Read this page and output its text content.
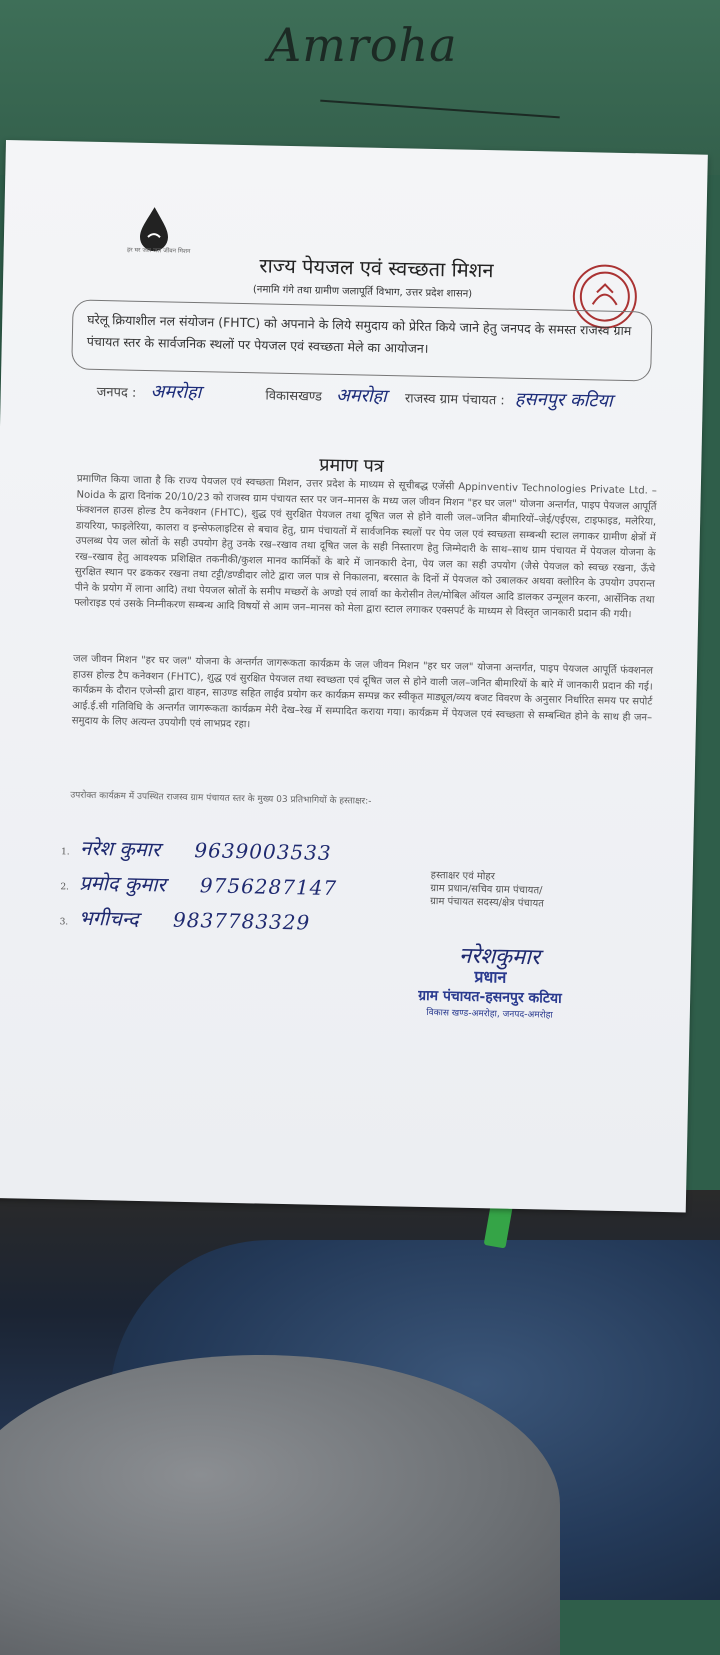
Amroha
हर घर जल जल जीवन मिशन
राज्य पेयजल एवं स्वच्छता मिशन
(नमामि गंगे तथा ग्रामीण जलापूर्ति विभाग, उत्तर प्रदेश शासन)
घरेलू क्रियाशील नल संयोजन (FHTC) को अपनाने के लिये समुदाय को प्रेरित किये जाने हेतु जनपद के समस्त राजस्व ग्राम पंचायत स्तर के सार्वजनिक स्थलों पर पेयजल एवं स्वच्छता मेले का आयोजन।
जनपद : अमरोहा	विकासखण्ड अमरोहा राजस्व ग्राम पंचायत : हसनपुर कटिया
प्रमाण पत्र
प्रमाणित किया जाता है कि राज्य पेयजल एवं स्वच्छता मिशन, उत्तर प्रदेश के माध्यम से सूचीबद्ध एजेंसी Appinventiv Technologies Private Ltd. – Noida के द्वारा दिनांक 20/10/23 को राजस्व ग्राम पंचायत स्तर पर जन–मानस के मध्य जल जीवन मिशन "हर घर जल" योजना अन्तर्गत, पाइप पेयजल आपूर्ति फंक्शनल हाउस होल्ड टैप कनेक्शन (FHTC), शुद्ध एवं सुरक्षित पेयजल तथा दूषित जल से होने वाली जल–जनित बीमारियों–जेई/एईएस, टाइफाइड, मलेरिया, डायरिया, फाइलेरिया, कालरा व इन्सेफलाइटिस से बचाव हेतु, ग्राम पंचायतों में सार्वजनिक स्थलों पर पेय जल एवं स्वच्छता सम्बन्धी स्टाल लगाकर ग्रामीण क्षेत्रों में उपलब्ध पेय जल स्रोतों के सही उपयोग हेतु उनके रख–रखाव तथा दूषित जल के सही निस्तारण हेतु जिम्मेदारी के साथ–साथ ग्राम पंचायत में पेयजल योजना के रख–रखाव हेतु आवश्यक प्रशिक्षित तकनीकी/कुशल मानव कार्मिकों के बारे में जानकारी देना, पेय जल का सही उपयोग (जैसे पेयजल को स्वच्छ रखना, ऊँचे सुरक्षित स्थान पर ढककर रखना तथा टट्टी/डण्डीदार लोटे द्वारा जल पात्र से निकालना, बरसात के दिनों में पेयजल को उबालकर अथवा क्लोरिन के उपयोग उपरान्त पीने के प्रयोग में लाना आदि) तथा पेयजल स्रोतों के समीप मच्छरों के अण्डो एवं लार्वा का केरोसीन तेल/मोबिल ऑयल आदि डालकर उन्मूलन करना, आर्सेनिक तथा फ्लोराइड एवं उसके निम्नीकरण सम्बन्ध आदि विषयों से आम जन–मानस को मेला द्वारा स्टाल लगाकर एक्सपर्ट के माध्यम से विस्तृत जानकारी प्रदान की गयी।
जल जीवन मिशन "हर घर जल" योजना के अन्तर्गत जागरूकता कार्यक्रम के जल जीवन मिशन "हर घर जल" योजना अन्तर्गत, पाइप पेयजल आपूर्ति फंक्शनल हाउस होल्ड टैप कनेक्शन (FHTC), शुद्ध एवं सुरक्षित पेयजल तथा स्वच्छता एवं दूषित जल से होने वाली जल–जनित बीमारियों के बारे में जानकारी प्रदान की गई। कार्यक्रम के दौरान एजेन्सी द्वारा वाहन, साउण्ड सहित लाईव प्रयोग कर कार्यक्रम सम्पन्न कर स्वीकृत माड्यूल/व्यय बजट विवरण के अनुसार निर्धारित समय पर सपोर्ट आई.ई.सी गतिविधि के अन्तर्गत जागरूकता कार्यक्रम मेरी देख–रेख में सम्पादित कराया गया। कार्यक्रम में पेयजल एवं स्वच्छता से सम्बन्धित होने के साथ ही जन–समुदाय के लिए अत्यन्त उपयोगी एवं लाभप्रद रहा।
उपरोक्त कार्यक्रम में उपस्थित राजस्व ग्राम पंचायत स्तर के मुख्य 03 प्रतिभागियों के हस्ताक्षर:-
1. नरेश कुमार 9639003533
2. प्रमोद कुमार 9756287147
3. भगीचन्द 9837783329
हस्ताक्षर एवं मोहर
ग्राम प्रधान/सचिव ग्राम पंचायत/
ग्राम पंचायत सदस्य/क्षेत्र पंचायत
नरेशकुमार
प्रधान
ग्राम पंचायत-हसनपुर कटिया
विकास खण्ड-अमरोहा, जनपद-अमरोहा
